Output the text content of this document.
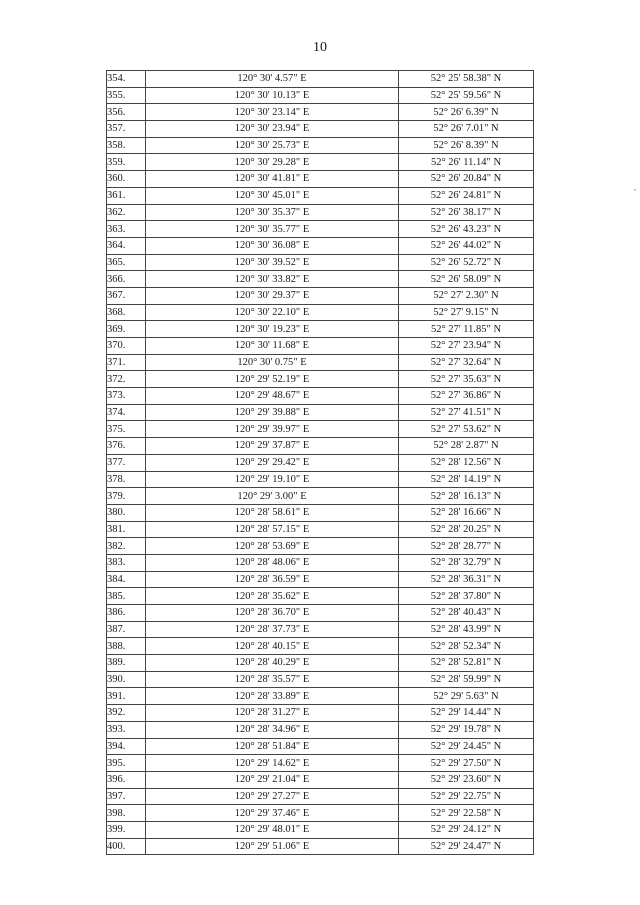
10
,
354.	120° 30' 4.57" E	52° 25' 58.38" N
355.	120° 30' 10.13" E	52° 25' 59.56" N
356.	120° 30' 23.14" E	52° 26' 6.39" N
357.	120° 30' 23.94" E	52° 26' 7.01" N
358.	120° 30' 25.73" E	52° 26' 8.39" N
359.	120° 30' 29.28" E	52° 26' 11.14" N
360.	120° 30' 41.81" E	52° 26' 20.84" N
361.	120° 30' 45.01" E	52° 26' 24.81" N
362.	120° 30' 35.37" E	52° 26' 38.17" N
363.	120° 30' 35.77" E	52° 26' 43.23" N
364.	120° 30' 36.08" E	52° 26' 44.02" N
365.	120° 30' 39.52" E	52° 26' 52.72" N
366.	120° 30' 33.82" E	52° 26' 58.09" N
367.	120° 30' 29.37" E	52° 27' 2.30" N
368.	120° 30' 22.10" E	52° 27' 9.15" N
369.	120° 30' 19.23" E	52° 27' 11.85" N
370.	120° 30' 11.68" E	52° 27' 23.94" N
371.	120° 30' 0.75" E	52° 27' 32.64" N
372.	120° 29' 52.19" E	52° 27' 35.63" N
373.	120° 29' 48.67" E	52° 27' 36.86" N
374.	120° 29' 39.88" E	52° 27' 41.51" N
375.	120° 29' 39.97" E	52° 27' 53.62" N
376.	120° 29' 37.87" E	52° 28' 2.87" N
377.	120° 29' 29.42" E	52° 28' 12.56" N
378.	120° 29' 19.10" E	52° 28' 14.19" N
379.	120° 29' 3.00" E	52° 28' 16.13" N
380.	120° 28' 58.61" E	52° 28' 16.66" N
381.	120° 28' 57.15" E	52° 28' 20.25" N
382.	120° 28' 53.69" E	52° 28' 28.77" N
383.	120° 28' 48.06" E	52° 28' 32.79" N
384.	120° 28' 36.59" E	52° 28' 36.31" N
385.	120° 28' 35.62" E	52° 28' 37.80" N
386.	120° 28' 36.70" E	52° 28' 40.43" N
387.	120° 28' 37.73" E	52° 28' 43.99" N
388.	120° 28' 40.15" E	52° 28' 52.34" N
389.	120° 28' 40.29" E	52° 28' 52.81" N
390.	120° 28' 35.57" E	52° 28' 59.99" N
391.	120° 28' 33.89" E	52° 29' 5.63" N
392.	120° 28' 31.27" E	52° 29' 14.44" N
393.	120° 28' 34.96" E	52° 29' 19.78" N
394.	120° 28' 51.84" E	52° 29' 24.45" N
395.	120° 29' 14.62" E	52° 29' 27.50" N
396.	120° 29' 21.04" E	52° 29' 23.60" N
397.	120° 29' 27.27" E	52° 29' 22.75" N
398.	120° 29' 37.46" E	52° 29' 22.58" N
399.	120° 29' 48.01" E	52° 29' 24.12" N
400.	120° 29' 51.06" E	52° 29' 24.47" N
